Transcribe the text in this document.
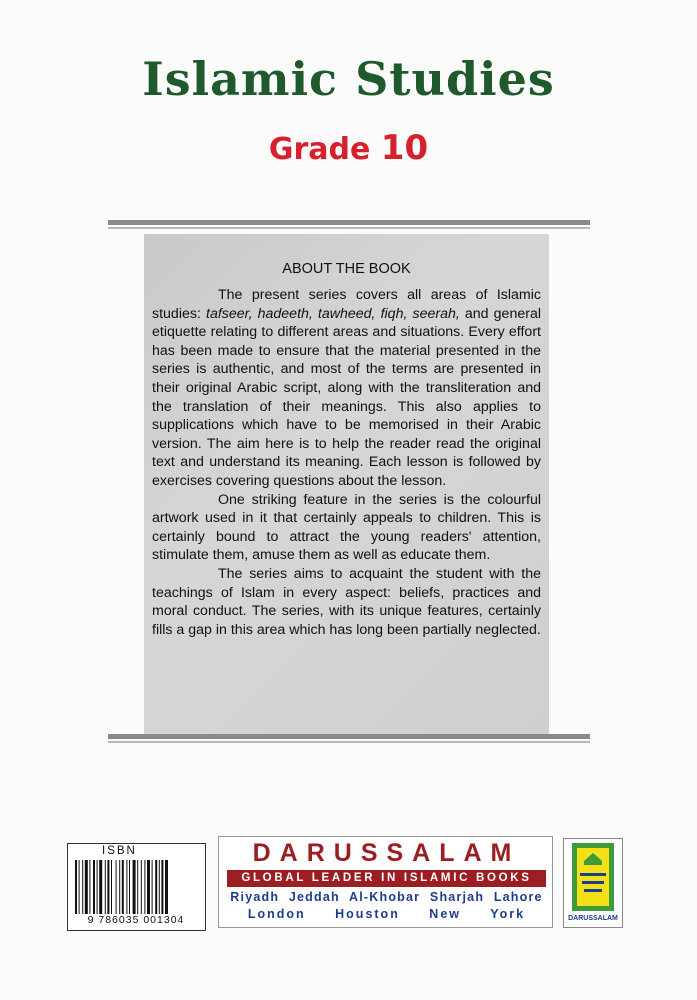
Islamic Studies
Grade 10
ABOUT THE BOOK

The present series covers all areas of Islamic studies: tafseer, hadeeth, tawheed, fiqh, seerah, and general etiquette relating to different areas and situations. Every effort has been made to ensure that the material presented in the series is authentic, and most of the terms are presented in their original Arabic script, along with the transliteration and the translation of their meanings. This also applies to supplications which have to be memorised in their Arabic version. The aim here is to help the reader read the original text and understand its meaning. Each lesson is followed by exercises covering questions about the lesson.

One striking feature in the series is the colourful artwork used in it that certainly appeals to children. This is certainly bound to attract the young readers' attention, stimulate them, amuse them as well as educate them.

The series aims to acquaint the student with the teachings of Islam in every aspect: beliefs, practices and moral conduct. The series, with its unique features, certainly fills a gap in this area which has long been partially neglected.

ISBN
9 786035 001304
DARUSSALAM
GLOBAL LEADER IN ISLAMIC BOOKS
Riyadh Jeddah Al-Khobar Sharjah Lahore
London Houston New York	DARUSSALAM
